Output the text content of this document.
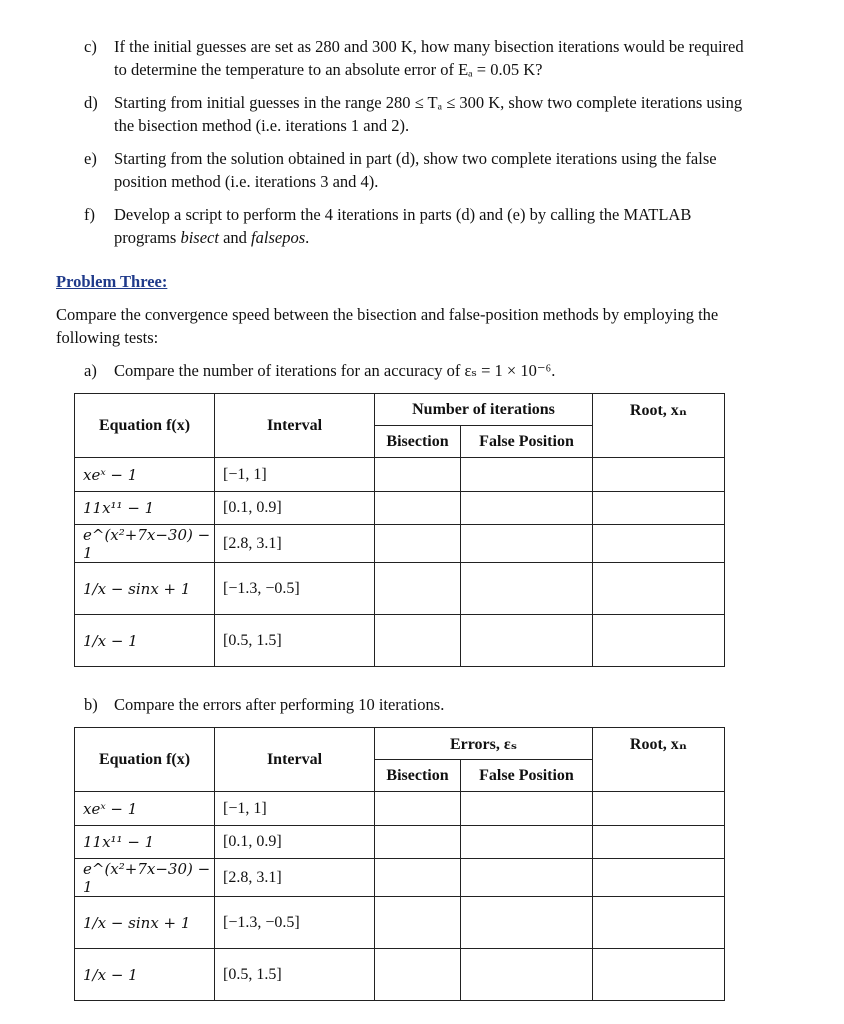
c) If the initial guesses are set as 280 and 300 K, how many bisection iterations would be required
to determine the temperature to an absolute error of Eₐ = 0.05 K?
d) Starting from initial guesses in the range 280 ≤ Tₐ ≤ 300 K, show two complete iterations using
the bisection method (i.e. iterations 1 and 2).
e) Starting from the solution obtained in part (d), show two complete iterations using the false
position method (i.e. iterations 3 and 4).
f) Develop a script to perform the 4 iterations in parts (d) and (e) by calling the MATLAB
programs bisect and falsepos.
Problem Three:
Compare the convergence speed between the bisection and false-position methods by employing the following tests:
a) Compare the number of iterations for an accuracy of εₛ = 1 × 10⁻⁶.
Equation f(x)	Interval	Number of iterations		Root, xₙ
		Bisection	False Position	
xeˣ − 1	[−1, 1]			
11x¹¹ − 1	[0.1, 0.9]			
e^(x²+7x−30) − 1	[2.8, 3.1]			
1/x − sinx + 1	[−1.3, −0.5]			
1/x − 1	[0.5, 1.5]			
b) Compare the errors after performing 10 iterations.
Equation f(x)	Interval	Errors, εₛ		Root, xₙ
		Bisection	False Position	
xeˣ − 1	[−1, 1]			
11x¹¹ − 1	[0.1, 0.9]			
e^(x²+7x−30) − 1	[2.8, 3.1]			
1/x − sinx + 1	[−1.3, −0.5]			
1/x − 1	[0.5, 1.5]			
